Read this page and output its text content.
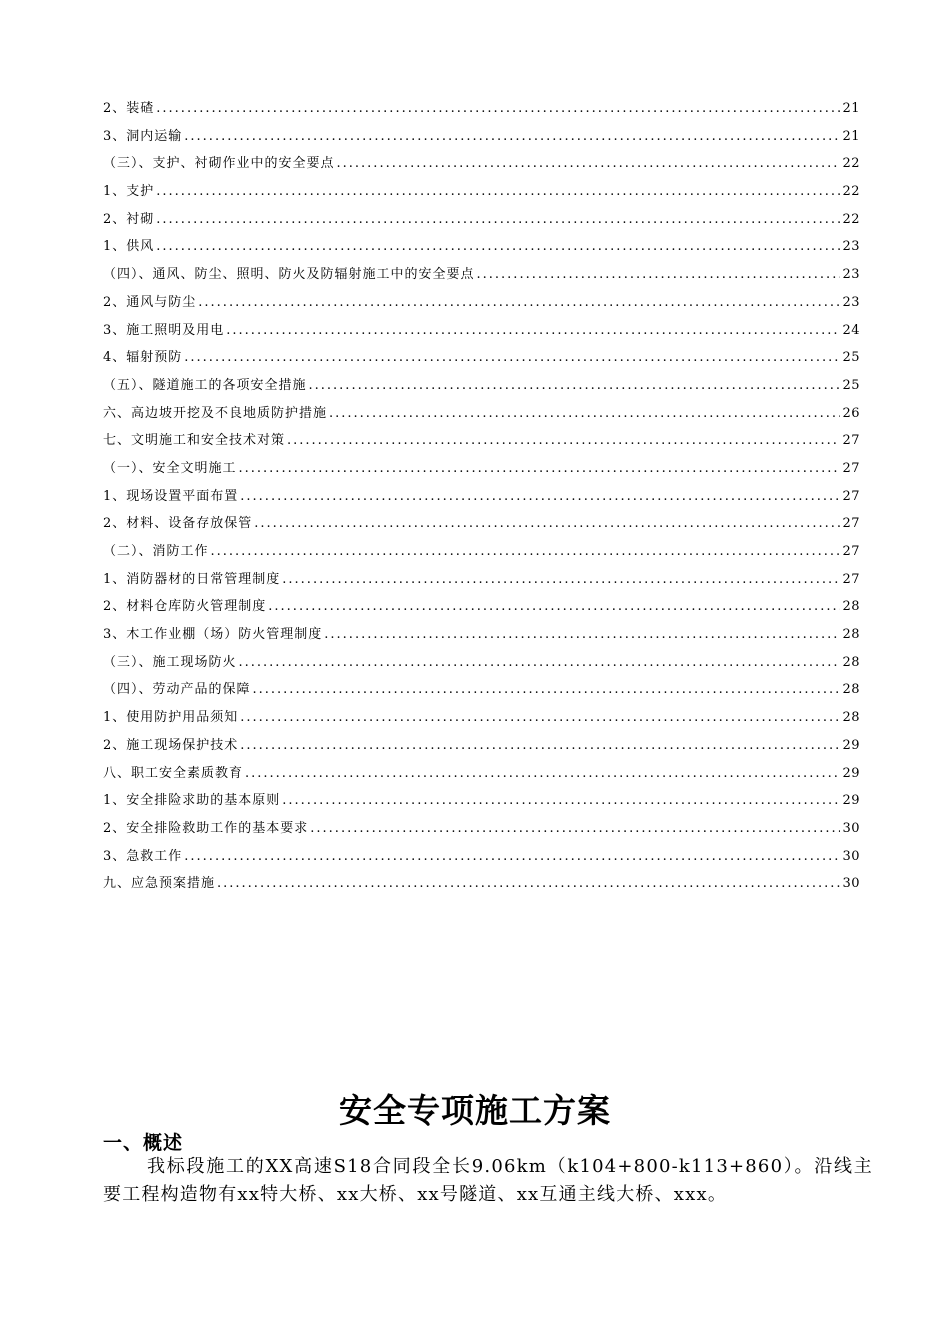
2、装碴 .....	21
3、洞内运输 .....	21
（三）、支护、衬砌作业中的安全要点 .....	22
1、支护 .....	22
2、衬砌 .....	22
1、供风 .....	23
（四）、通风、防尘、照明、防火及防辐射施工中的安全要点 .....	23
2、通风与防尘 .....	23
3、施工照明及用电 .....	24
4、辐射预防 .....	25
（五）、隧道施工的各项安全措施 .....	25
六、高边坡开挖及不良地质防护措施 .....	26
七、文明施工和安全技术对策 .....	27
（一）、安全文明施工 .....	27
1、现场设置平面布置 .....	27
2、材料、设备存放保管 .....	27
（二）、消防工作 .....	27
1、消防器材的日常管理制度 .....	27
2、材料仓库防火管理制度 .....	28
3、木工作业棚（场）防火管理制度 .....	28
（三）、施工现场防火 .....	28
（四）、劳动产品的保障 .....	28
1、使用防护用品须知 .....	28
2、施工现场保护技术 .....	29
八、职工安全素质教育 .....	29
1、安全排险求助的基本原则 .....	29
2、安全排险救助工作的基本要求 .....	30
3、急救工作 .....	30
九、应急预案措施 .....	30
安全专项施工方案
一、概述
我标段施工的XX高速S18合同段全长9.06km（k104+800-k113+860）。沿线主要工程构造物有xx特大桥、xx大桥、xx号隧道、xx互通主线大桥、xxx。
